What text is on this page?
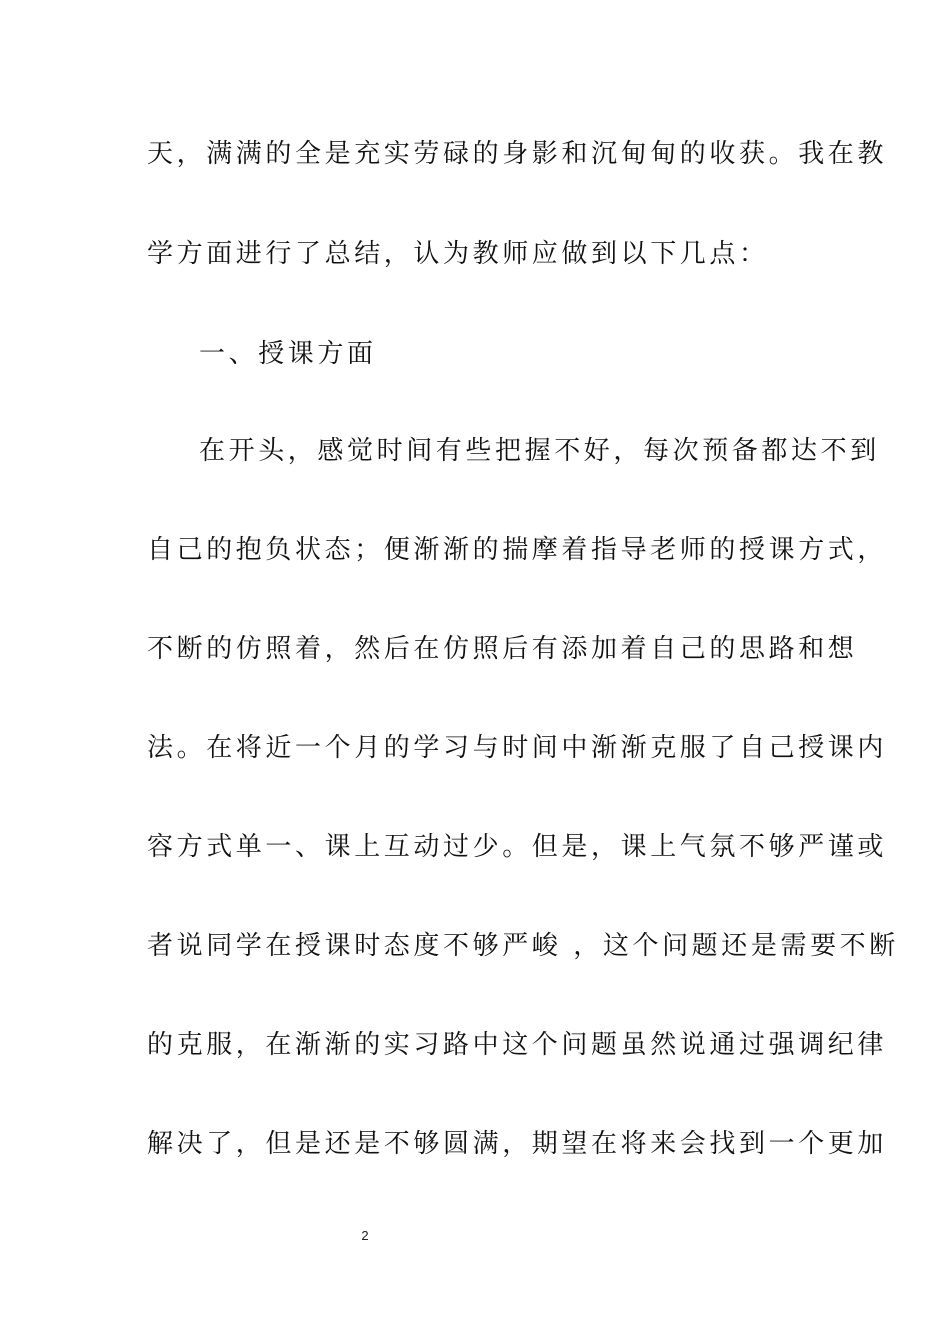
天，满满的全是充实劳碌的身影和沉甸甸的收获。我在教
学方面进行了总结，认为教师应做到以下几点：
一、授课方面
在开头，感觉时间有些把握不好，每次预备都达不到
自己的抱负状态；便渐渐的揣摩着指导老师的授课方式，
不断的仿照着，然后在仿照后有添加着自己的思路和想
法。在将近一个月的学习与时间中渐渐克服了自己授课内
容方式单一、课上互动过少。但是，课上气氛不够严谨或
者说同学在授课时态度不够严峻 ，这个问题还是需要不断
的克服，在渐渐的实习路中这个问题虽然说通过强调纪律
解决了，但是还是不够圆满，期望在将来会找到一个更加
2
